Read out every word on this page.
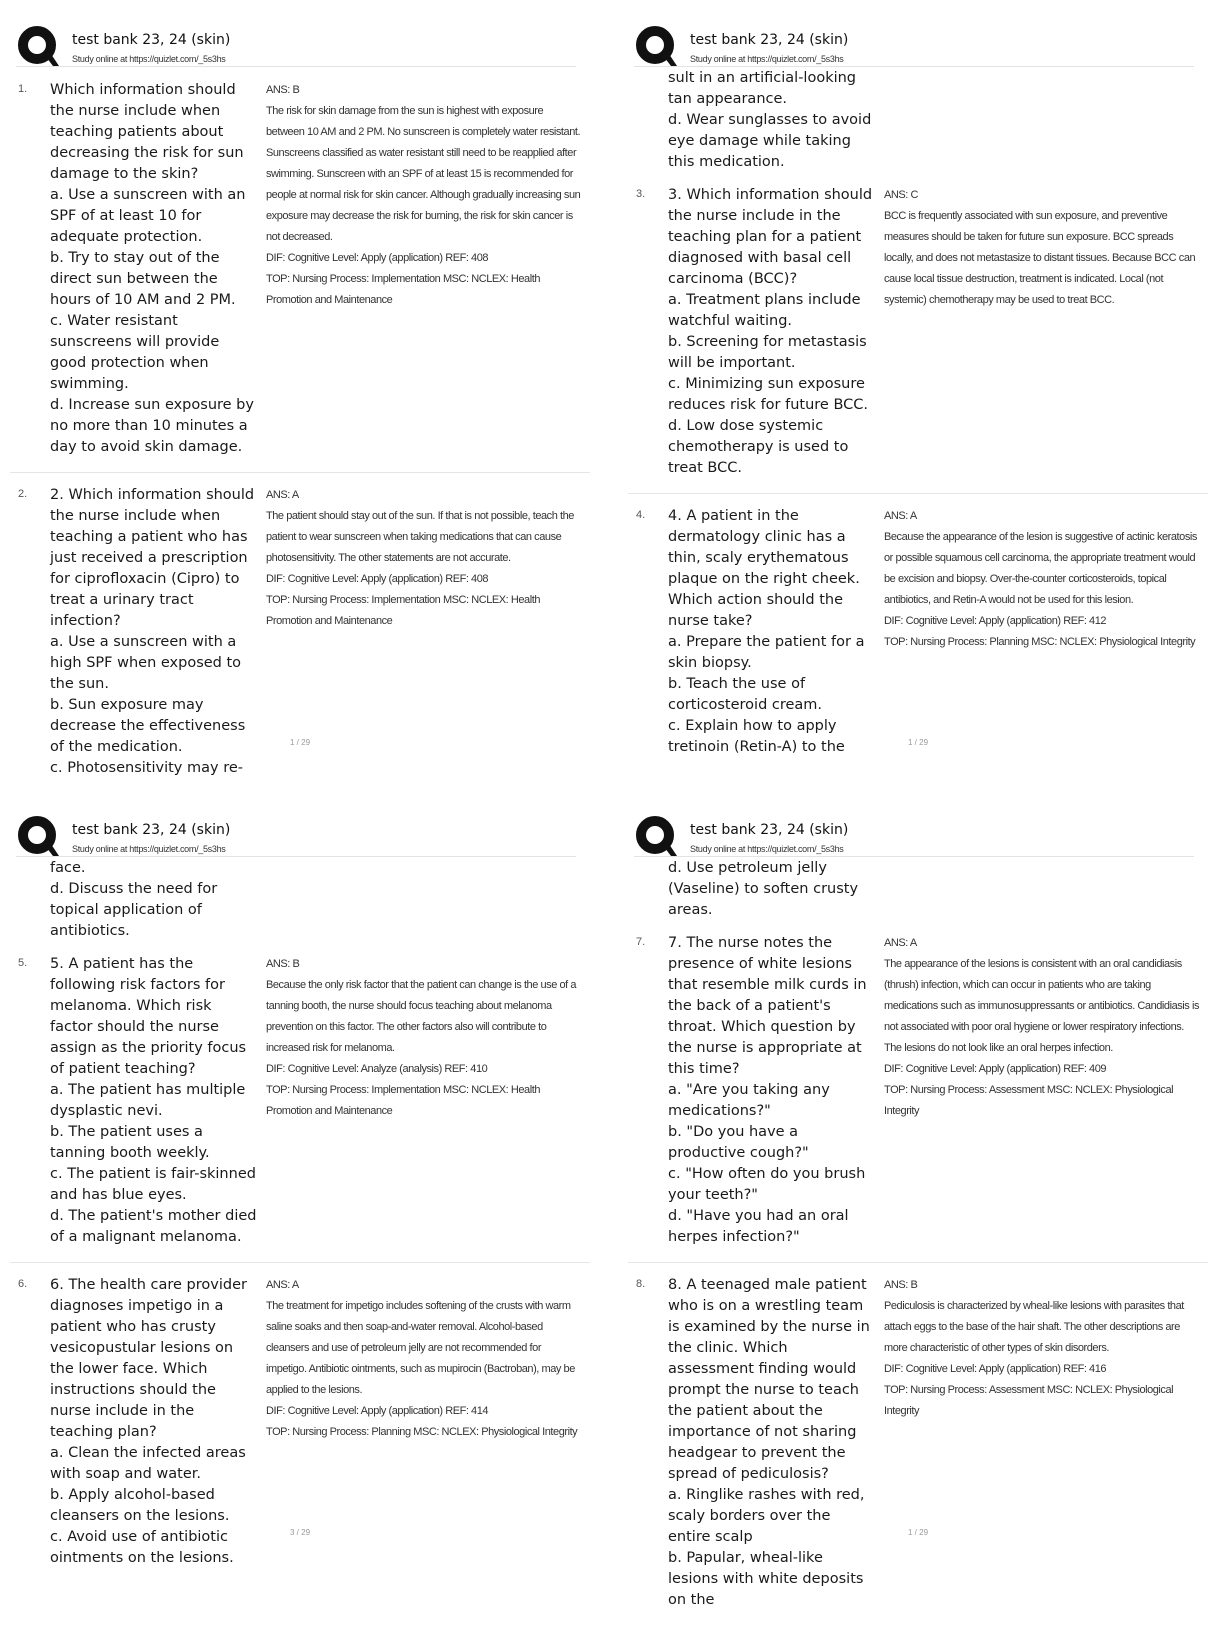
test bank 23, 24 (skin)
Study online at https://quizlet.com/_5s3hs
1.	Which information should the nurse include when teaching patients about decreasing the risk for sun damage to the skin?
a. Use a sunscreen with an SPF of at least 10 for adequate protection.
b. Try to stay out of the direct sun between the hours of 10 AM and 2 PM.
c. Water resistant sunscreens will provide good protection when swimming.
d. Increase sun exposure by no more than 10 minutes a day to avoid skin damage.
ANS: B
The risk for skin damage from the sun is highest with exposure between 10 AM and 2 PM. No sunscreen is completely water resistant. Sunscreens classified as water resistant still need to be reapplied after swimming. Sunscreen with an SPF of at least 15 is recommended for people at normal risk for skin cancer. Although gradually increasing sun exposure may decrease the risk for burning, the risk for skin cancer is not decreased.
DIF: Cognitive Level: Apply (application) REF: 408
TOP: Nursing Process: Implementation MSC: NCLEX: Health Promotion and Maintenance
2.	2. Which information should the nurse include when teaching a patient who has just received a prescription for ciprofloxacin (Cipro) to treat a urinary tract infection?
a. Use a sunscreen with a high SPF when exposed to the sun.
b. Sun exposure may decrease the effectiveness of the medication.
c. Photosensitivity may re-
ANS: A
The patient should stay out of the sun. If that is not possible, teach the patient to wear sunscreen when taking medications that can cause photosensitivity. The other statements are not accurate.
DIF: Cognitive Level: Apply (application) REF: 408
TOP: Nursing Process: Implementation MSC: NCLEX: Health Promotion and Maintenance
1 / 29
test bank 23, 24 (skin)
Study online at https://quizlet.com/_5s3hs
sult in an artificial-looking tan appearance.
d. Wear sunglasses to avoid eye damage while taking this medication.
3.	3. Which information should the nurse include in the teaching plan for a patient diagnosed with basal cell carcinoma (BCC)?
a. Treatment plans include watchful waiting.
b. Screening for metastasis will be important.
c. Minimizing sun exposure reduces risk for future BCC.
d. Low dose systemic chemotherapy is used to treat BCC.
ANS: C
BCC is frequently associated with sun exposure, and preventive measures should be taken for future sun exposure. BCC spreads locally, and does not metastasize to distant tissues. Because BCC can cause local tissue destruction, treatment is indicated. Local (not systemic) chemotherapy may be used to treat BCC.
4.	4. A patient in the dermatology clinic has a thin, scaly erythematous plaque on the right cheek. Which action should the nurse take?
a. Prepare the patient for a skin biopsy.
b. Teach the use of corticosteroid cream.
c. Explain how to apply tretinoin (Retin-A) to the
ANS: A
Because the appearance of the lesion is suggestive of actinic keratosis or possible squamous cell carcinoma, the appropriate treatment would be excision and biopsy. Over-the-counter corticosteroids, topical antibiotics, and Retin-A would not be used for this lesion.
DIF: Cognitive Level: Apply (application) REF: 412
TOP: Nursing Process: Planning MSC: NCLEX: Physiological Integrity
1 / 29
test bank 23, 24 (skin)
Study online at https://quizlet.com/_5s3hs
face.
d. Discuss the need for topical application of antibiotics.
5.	5. A patient has the following risk factors for melanoma. Which risk factor should the nurse assign as the priority focus of patient teaching?
a. The patient has multiple dysplastic nevi.
b. The patient uses a tanning booth weekly.
c. The patient is fair-skinned and has blue eyes.
d. The patient's mother died of a malignant melanoma.
ANS: B
Because the only risk factor that the patient can change is the use of a tanning booth, the nurse should focus teaching about melanoma prevention on this factor. The other factors also will contribute to increased risk for melanoma.
DIF: Cognitive Level: Analyze (analysis) REF: 410
TOP: Nursing Process: Implementation MSC: NCLEX: Health Promotion and Maintenance
6.	6. The health care provider diagnoses impetigo in a patient who has crusty vesicopustular lesions on the lower face. Which instructions should the nurse include in the teaching plan?
a. Clean the infected areas with soap and water.
b. Apply alcohol-based cleansers on the lesions.
c. Avoid use of antibiotic ointments on the lesions.
ANS: A
The treatment for impetigo includes softening of the crusts with warm saline soaks and then soap-and-water removal. Alcohol-based cleansers and use of petroleum jelly are not recommended for impetigo. Antibiotic ointments, such as mupirocin (Bactroban), may be applied to the lesions.
DIF: Cognitive Level: Apply (application) REF: 414
TOP: Nursing Process: Planning MSC: NCLEX: Physiological Integrity
3 / 29
test bank 23, 24 (skin)
Study online at https://quizlet.com/_5s3hs
d. Use petroleum jelly (Vaseline) to soften crusty areas.
7.	7. The nurse notes the presence of white lesions that resemble milk curds in the back of a patient's throat. Which question by the nurse is appropriate at this time?
a. "Are you taking any medications?"
b. "Do you have a productive cough?"
c. "How often do you brush your teeth?"
d. "Have you had an oral herpes infection?"
ANS: A
The appearance of the lesions is consistent with an oral candidiasis (thrush) infection, which can occur in patients who are taking medications such as immunosuppressants or antibiotics. Candidiasis is not associated with poor oral hygiene or lower respiratory infections. The lesions do not look like an oral herpes infection.
DIF: Cognitive Level: Apply (application) REF: 409
TOP: Nursing Process: Assessment MSC: NCLEX: Physiological Integrity
8.	8. A teenaged male patient who is on a wrestling team is examined by the nurse in the clinic. Which assessment finding would prompt the nurse to teach the patient about the importance of not sharing headgear to prevent the spread of pediculosis?
a. Ringlike rashes with red, scaly borders over the entire scalp
b. Papular, wheal-like lesions with white deposits on the
ANS: B
Pediculosis is characterized by wheal-like lesions with parasites that attach eggs to the base of the hair shaft. The other descriptions are more characteristic of other types of skin disorders.
DIF: Cognitive Level: Apply (application) REF: 416
TOP: Nursing Process: Assessment MSC: NCLEX: Physiological Integrity
1 / 29
